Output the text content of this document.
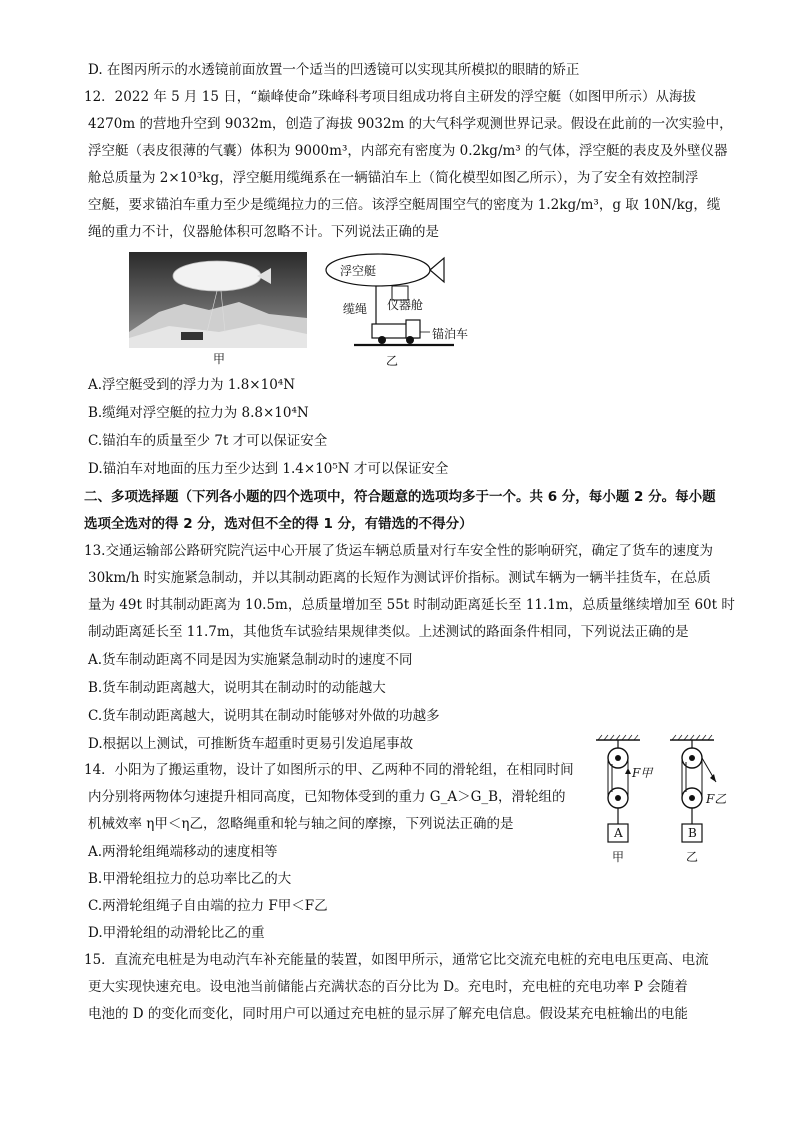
D. 在图丙所示的水透镜前面放置一个适当的凹透镜可以实现其所模拟的眼睛的矫正
12．2022 年 5 月 15 日，“巅峰使命”珠峰科考项目组成功将自主研发的浮空艇（如图甲所示）从海拔
4270m 的营地升空到 9032m，创造了海拔 9032m 的大气科学观测世界记录。假设在此前的一次实验中，
浮空艇（表皮很薄的气囊）体积为 9000m³，内部充有密度为 0.2kg/m³ 的气体，浮空艇的表皮及外壁仪器
舱总质量为 2×10³kg，浮空艇用缆绳系在一辆锚泊车上（简化模型如图乙所示），为了安全有效控制浮
空艇，要求锚泊车重力至少是缆绳拉力的三倍。该浮空艇周围空气的密度为 1.2kg/m³，g 取 10N/kg，缆
绳的重力不计，仪器舱体积可忽略不计。下列说法正确的是
甲
浮空艇
缆绳 仪器舱
锚泊车
乙
A.浮空艇受到的浮力为 1.8×10⁴N
B.缆绳对浮空艇的拉力为 8.8×10⁴N
C.锚泊车的质量至少 7t 才可以保证安全
D.锚泊车对地面的压力至少达到 1.4×10⁵N 才可以保证安全
二、多项选择题（下列各小题的四个选项中，符合题意的选项均多于一个。共 6 分，每小题 2 分。每小题
选项全选对的得 2 分，选对但不全的得 1 分，有错选的不得分）
13.交通运输部公路研究院汽运中心开展了货运车辆总质量对行车安全性的影响研究，确定了货车的速度为
30km/h 时实施紧急制动，并以其制动距离的长短作为测试评价指标。测试车辆为一辆半挂货车，在总质
量为 49t 时其制动距离为 10.5m，总质量增加至 55t 时制动距离延长至 11.1m，总质量继续增加至 60t 时
制动距离延长至 11.7m，其他货车试验结果规律类似。上述测试的路面条件相同，下列说法正确的是
A.货车制动距离不同是因为实施紧急制动时的速度不同
B.货车制动距离越大，说明其在制动时的动能越大
C.货车制动距离越大，说明其在制动时能够对外做的功越多
D.根据以上测试，可推断货车超重时更易引发追尾事故
14．小阳为了搬运重物，设计了如图所示的甲、乙两种不同的滑轮组，在相同时间
内分别将两物体匀速提升相同高度，已知物体受到的重力 G_A＞G_B，滑轮组的
机械效率 η甲＜η乙，忽略绳重和轮与轴之间的摩擦，下列说法正确的是
A.两滑轮组绳端移动的速度相等
B.甲滑轮组拉力的总功率比乙的大
C.两滑轮组绳子自由端的拉力 F甲＜F乙
D.甲滑轮组的动滑轮比乙的重
F甲
F乙
A	B
甲	乙
15．直流充电桩是为电动汽车补充能量的装置，如图甲所示，通常它比交流充电桩的充电电压更高、电流
更大实现快速充电。设电池当前储能占充满状态的百分比为 D。充电时，充电桩的充电功率 P 会随着
电池的 D 的变化而变化，同时用户可以通过充电桩的显示屏了解充电信息。假设某充电桩输出的电能
